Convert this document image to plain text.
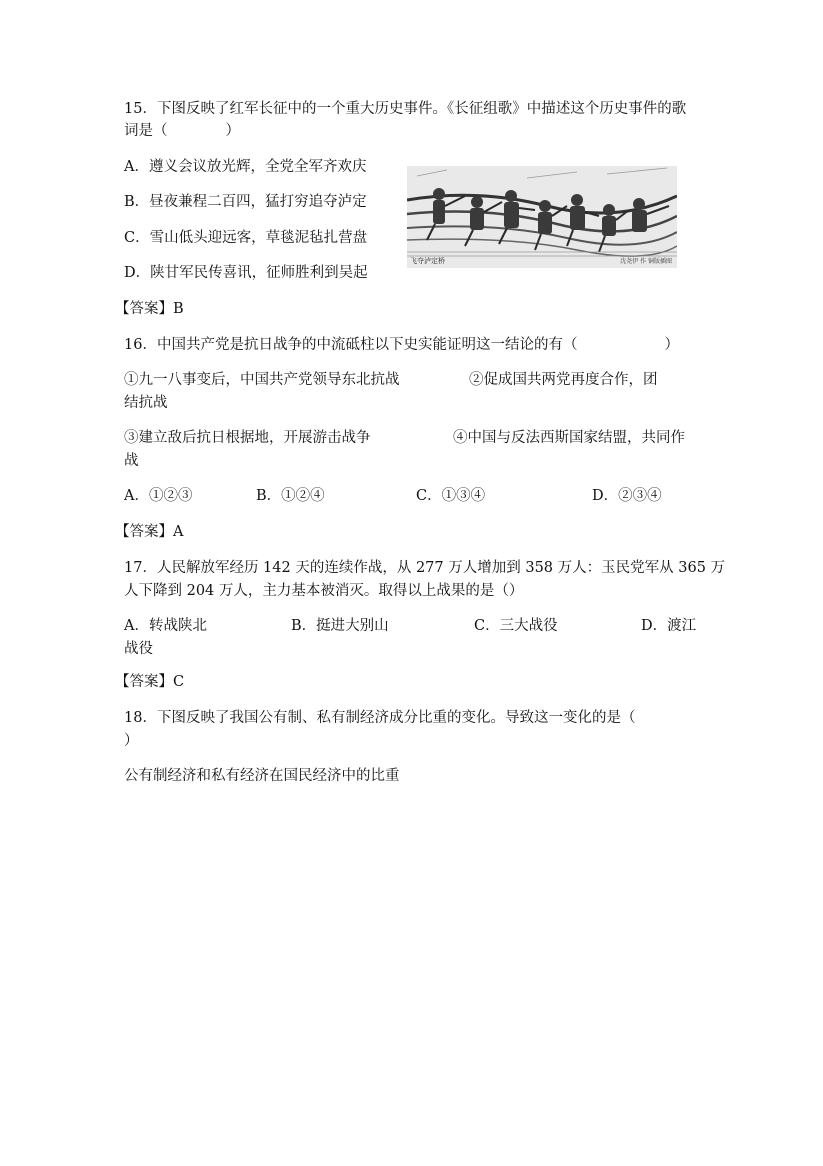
15．下图反映了红军长征中的一个重大历史事件。《长征组歌》中描述这个历史事件的歌
词是（　　　　）
A．遵义会议放光辉，全党全军齐欢庆
B．昼夜兼程二百四，猛打穷追夺泸定
C．雪山低头迎远客，草毯泥毡扎营盘
D．陕甘军民传喜讯，征师胜利到吴起
飞夺泸定桥	沈尧伊 作 铜版插图
【答案】B
16．中国共产党是抗日战争的中流砥柱以下史实能证明这一结论的有（　　　　　　）
①九一八事变后，中国共产党领导东北抗战	②促成国共两党再度合作，团
结抗战
③建立敌后抗日根据地，开展游击战争	④中国与反法西斯国家结盟，共同作
战
A．①②③	B．①②④	C．①③④	D．②③④
【答案】A
17．人民解放军经历 142 天的连续作战，从 277 万人增加到 358 万人：玉民党军从 365 万
人下降到 204 万人，主力基本被消灭。取得以上战果的是（）
A．转战陕北	B．挺进大别山	C．三大战役	D．渡江
战役
【答案】C
18．下图反映了我国公有制、私有制经济成分比重的变化。导致这一变化的是（
）
公有制经济和私有经济在国民经济中的比重
